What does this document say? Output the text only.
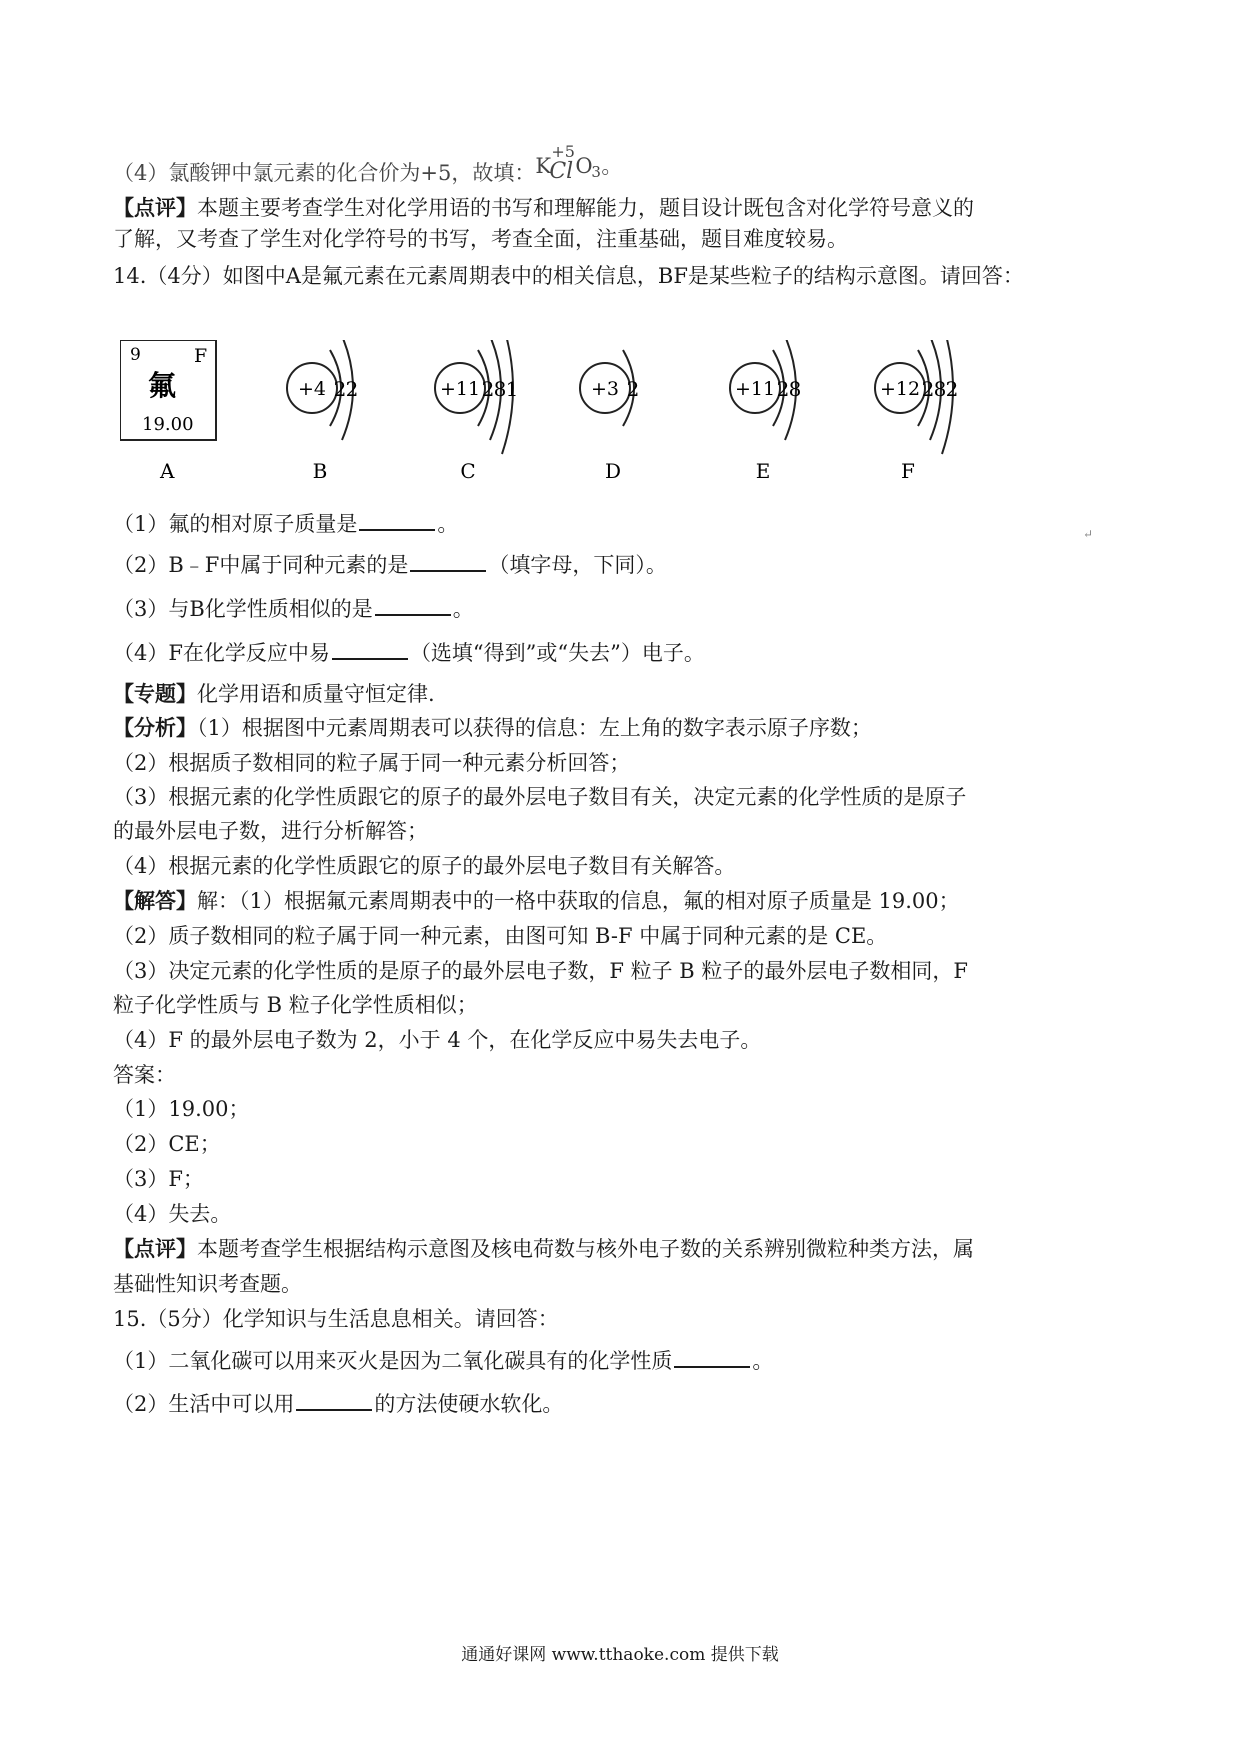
（4）氯酸钾中氯元素的化合价为+5，故填： K
+5
Cl O
3 。
【点评】本题主要考查学生对化学用语的书写和理解能力，题目设计既包含对化学符号意义的
了解，又考查了学生对化学符号的书写，考查全面，注重基础，题目难度较易。
14.（4分）如图中A是氟元素在元素周期表中的相关信息，BF是某些粒子的结构示意图。请回答：
9	F
氟
19.00
A
+4 2 2
B
+11 2 8 1
C
+3 2
D
+11 2 8
E
+12 2 8 2
F
↵
（1）氟的相对原子质量是	。
（2）B﹣F中属于同种元素的是	（填字母，下同）。
（3）与B化学性质相似的是	。
（4）F在化学反应中易	（选填“得到”或“失去”）电子。
【专题】化学用语和质量守恒定律.
【分析】（1）根据图中元素周期表可以获得的信息：左上角的数字表示原子序数；
（2）根据质子数相同的粒子属于同一种元素分析回答；
（3）根据元素的化学性质跟它的原子的最外层电子数目有关，决定元素的化学性质的是原子
的最外层电子数，进行分析解答；
（4）根据元素的化学性质跟它的原子的最外层电子数目有关解答。
【解答】解：（1）根据氟元素周期表中的一格中获取的信息，氟的相对原子质量是 19.00；
（2）质子数相同的粒子属于同一种元素，由图可知 B-F 中属于同种元素的是 CE。
（3）决定元素的化学性质的是原子的最外层电子数，F 粒子 B 粒子的最外层电子数相同，F
粒子化学性质与 B 粒子化学性质相似；
（4）F 的最外层电子数为 2，小于 4 个，在化学反应中易失去电子。
答案：
（1）19.00；
（2）CE；
（3）F；
（4）失去。
【点评】本题考查学生根据结构示意图及核电荷数与核外电子数的关系辨别微粒种类方法，属
基础性知识考查题。
15.（5分）化学知识与生活息息相关。请回答：
（1）二氧化碳可以用来灭火是因为二氧化碳具有的化学性质	。
（2）生活中可以用	的方法使硬水软化。
通通好课网 www.tthaoke.com 提供下载
